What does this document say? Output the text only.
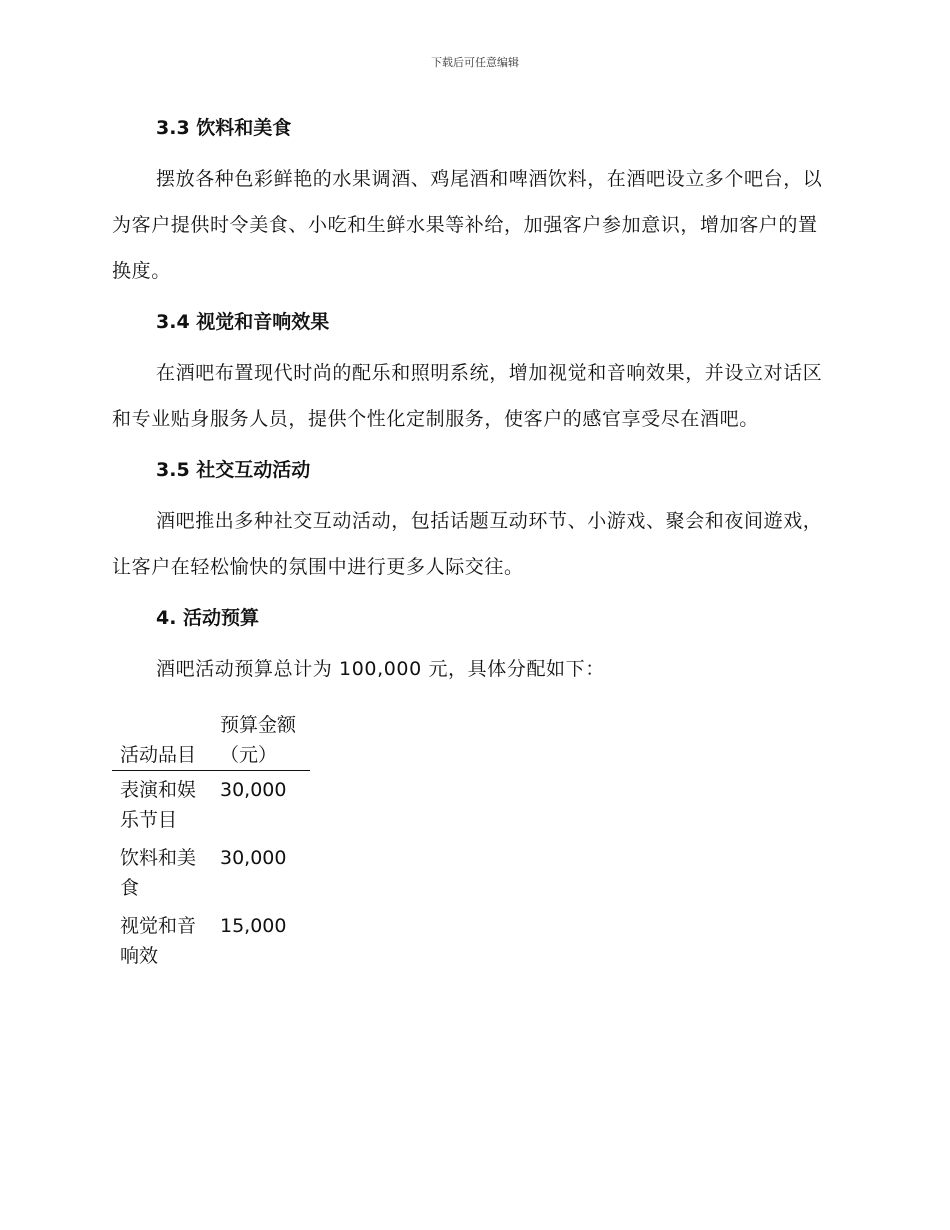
下载后可任意编辑

3.3 饮料和美食

摆放各种色彩鲜艳的水果调酒、鸡尾酒和啤酒饮料，在酒吧设立多个吧台，以为客户提供时令美食、小吃和生鲜水果等补给，加强客户参加意识，增加客户的置换度。

3.4 视觉和音响效果

在酒吧布置现代时尚的配乐和照明系统，增加视觉和音响效果，并设立对话区和专业贴身服务人员，提供个性化定制服务，使客户的感官享受尽在酒吧。

3.5 社交互动活动

酒吧推出多种社交互动活动，包括话题互动环节、小游戏、聚会和夜间遊戏，让客户在轻松愉快的氛围中进行更多人际交往。

4. 活动预算

酒吧活动预算总计为 100,000 元，具体分配如下：

活动品目	预算金额（元）
表演和娱乐节目	30,000
饮料和美食	30,000
视觉和音响效	15,000
